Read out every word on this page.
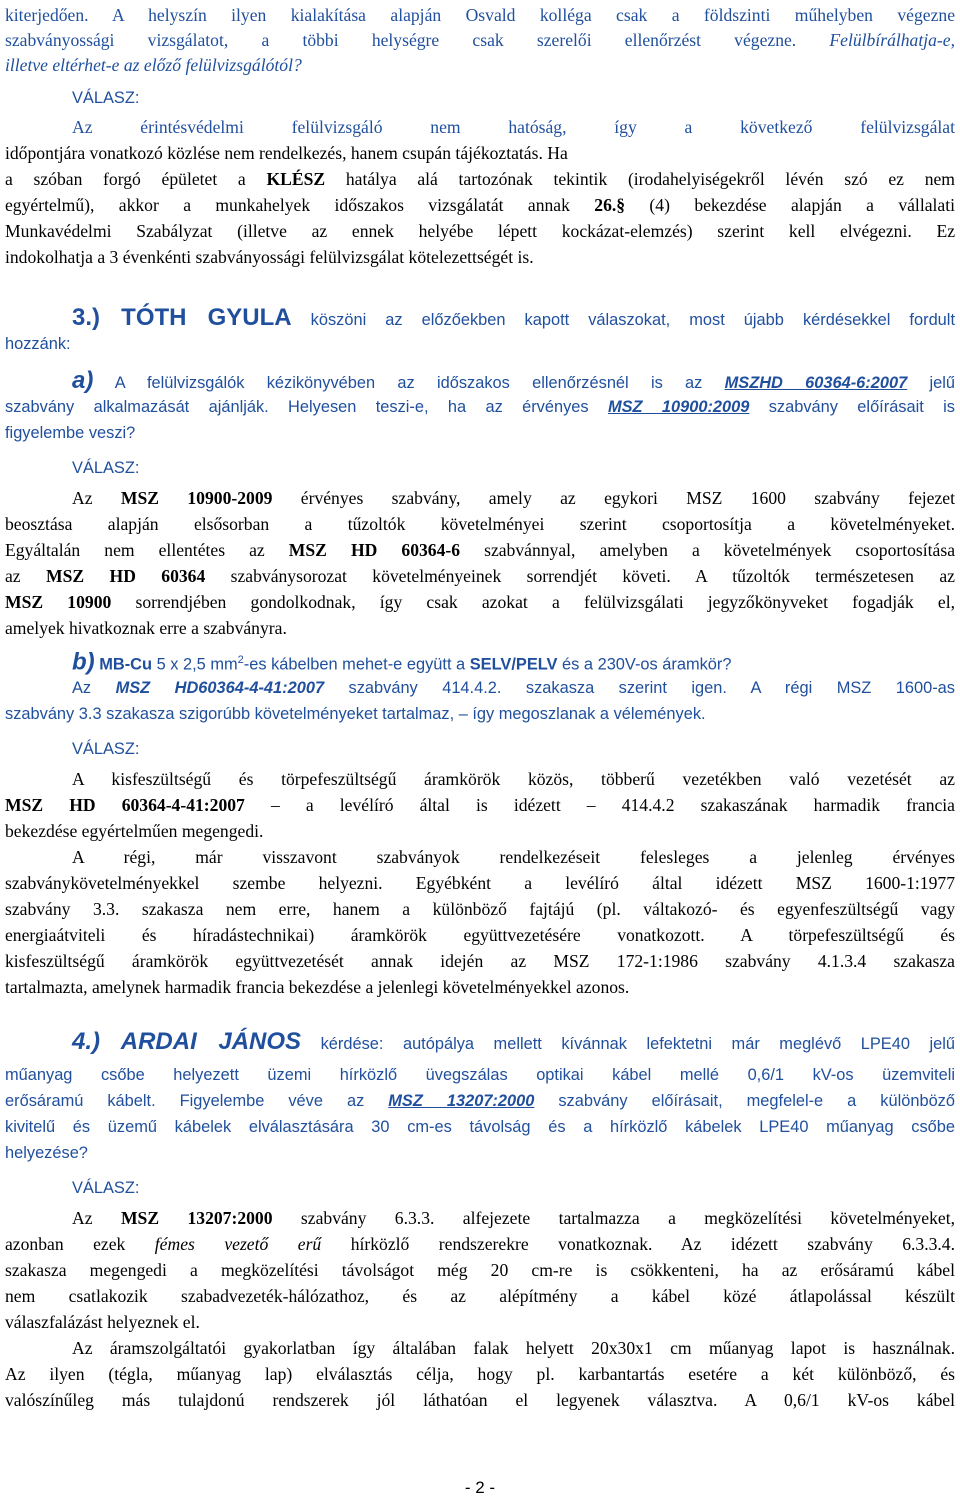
kiterjedően. A helyszín ilyen kialakítása alapján Osvald kolléga csak a földszinti műhelyben végezne

szabványossági vizsgálatot, a többi helységre csak szerelői ellenőrzést végezne. Felülbírálhatja-e,

illetve eltérhet-e az előző felülvizsgálótól?

VÁLASZ:

Az érintésvédelmi felülvizsgáló nem hatóság, így a következő felülvizsgálat

időpontjára vonatkozó közlése nem rendelkezés, hanem csupán tájékoztatás. Ha

a szóban forgó épületet a KLÉSZ hatálya alá tartozónak tekintik (irodahelyiségekről lévén szó ez nem

egyértelmű), akkor a munkahelyek időszakos vizsgálatát annak 26.§ (4) bekezdése alapján a vállalati

Munkavédelmi Szabályzat (illetve az ennek helyébe lépett kockázat-elemzés) szerint kell elvégezni. Ez

indokolhatja a 3 évenkénti szabványossági felülvizsgálat kötelezettségét is.

3.) TÓTH GYULA köszöni az előzőekben kapott válaszokat, most újabb kérdésekkel fordult

hozzánk:

a) A felülvizsgálók kézikönyvében az időszakos ellenőrzésnél is az MSZHD 60364-6:2007 jelű

szabvány alkalmazását ajánlják. Helyesen teszi-e, ha az érvényes MSZ 10900:2009 szabvány előírásait is

figyelembe veszi?

VÁLASZ:

Az MSZ 10900-2009 érvényes szabvány, amely az egykori MSZ 1600 szabvány fejezet

beosztása alapján elsősorban a tűzoltók követelményei szerint csoportosítja a követelményeket.

Egyáltalán nem ellentétes az MSZ HD 60364-6 szabvánnyal, amelyben a követelmények csoportosítása

az MSZ HD 60364 szabványsorozat követelményeinek sorrendjét követi. A tűzoltók természetesen az

MSZ 10900 sorrendjében gondolkodnak, így csak azokat a felülvizsgálati jegyzőkönyveket fogadják el,

amelyek hivatkoznak erre a szabványra.

b) MB-Cu 5 x 2,5 $mm^2-es$ kábelben mehet-e együtt a SELV/PELV és a 230V-os áramkör?

Az MSZ HD60364-4-41:2007 szabvány 414.4.2. szakasza szerint igen. A régi MSZ 1600-as

szabvány 3.3 szakasza szigorúbb követelményeket tartalmaz, – így megoszlanak a vélemények.

VÁLASZ:

A kisfeszültségű és törpefeszültségű áramkörök közös, többerű vezetékben való vezetését az

MSZ HD 60364-4-41:2007 – a levélíró által is idézett – 414.4.2 szakaszának harmadik francia

bekezdése egyértelműen megengedi.

A régi, már visszavont szabványok rendelkezéseit felesleges a jelenleg érvényes

szabványkövetelményekkel szembe helyezni. Egyébként a levélíró által idézett MSZ 1600-1:1977

szabvány 3.3. szakasza nem erre, hanem a különböző fajtájú (pl. váltakozó- és egyenfeszültségű vagy

energiaátviteli és híradástechnikai) áramkörök együttvezetésére vonatkozott. A törpefeszültségű és

kisfeszültségű áramkörök együttvezetését annak idején az MSZ 172-1:1986 szabvány 4.1.3.4 szakasza

tartalmazta, amelynek harmadik francia bekezdése a jelenlegi követelményekkel azonos.

4.) ARDAI JÁNOS kérdése: autópálya mellett kívánnak lefektetni már meglévő LPE40 jelű

műanyag csőbe helyezett üzemi hírközlő üvegszálas optikai kábel mellé 0,6/1 kV-os üzemviteli

erősáramú kábelt. Figyelembe véve az MSZ 13207:2000 szabvány előírásait, megfelel-e a különböző

kivitelű és üzemű kábelek elválasztására 30 cm-es távolság és a hírközlő kábelek LPE40 műanyag csőbe

helyezése?

VÁLASZ:

Az MSZ 13207:2000 szabvány 6.3.3. alfejezete tartalmazza a megközelítési követelményeket,

azonban ezek fémes vezető erű hírközlő rendszerekre vonatkoznak. Az idézett szabvány 6.3.3.4.

szakasza megengedi a megközelítési távolságot még 20 cm-re is csökkenteni, ha az erősáramú kábel

nem csatlakozik szabadvezeték-hálózathoz, és az alépítmény a kábel közé átlapolással készült

válaszfalázást helyeznek el.

Az áramszolgáltatói gyakorlatban így általában falak helyett 20x30x1 cm műanyag lapot is használnak.

Az ilyen (tégla, műanyag lap) elválasztás célja, hogy pl. karbantartás esetére a két különböző, és

valószínűleg más tulajdonú rendszerek jól láthatóan el legyenek választva. A 0,6/1 kV-os kábel

- 2 -
